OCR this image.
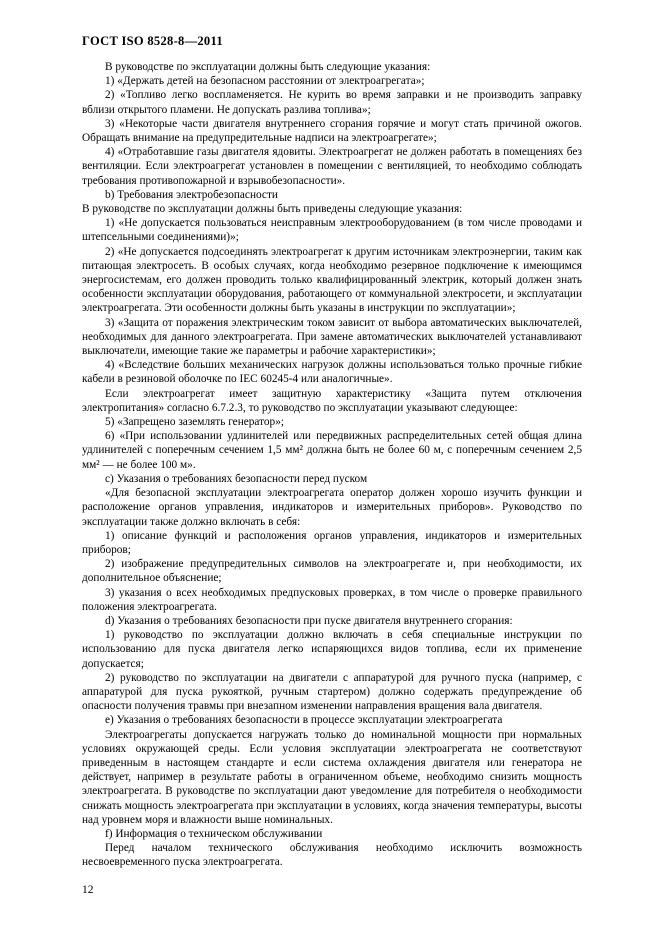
ГОСТ ISO 8528-8—2011

В руководстве по эксплуатации должны быть следующие указания:

1) «Держать детей на безопасном расстоянии от электроагрегата»;

2) «Топливо легко воспламеняется. Не курить во время заправки и не производить заправку вблизи открытого пламени. Не допускать разлива топлива»;

3) «Некоторые части двигателя внутреннего сгорания горячие и могут стать причиной ожогов. Обращать внимание на предупредительные надписи на электроагрегате»;

4) «Отработавшие газы двигателя ядовиты. Электроагрегат не должен работать в помещениях без вентиляции. Если электроагрегат установлен в помещении с вентиляцией, то необходимо соблюдать требования противопожарной и взрывобезопасности».

b) Требования электробезопасности

В руководстве по эксплуатации должны быть приведены следующие указания:

1) «Не допускается пользоваться неисправным электрооборудованием (в том числе проводами и штепсельными соединениями)»;

2) «Не допускается подсоединять электроагрегат к другим источникам электроэнергии, таким как питающая электросеть. В особых случаях, когда необходимо резервное подключение к имеющимся энергосистемам, его должен проводить только квалифицированный электрик, который должен знать особенности эксплуатации оборудования, работающего от коммунальной электросети, и эксплуатации электроагрегата. Эти особенности должны быть указаны в инструкции по эксплуатации»;

3) «Защита от поражения электрическим током зависит от выбора автоматических выключателей, необходимых для данного электроагрегата. При замене автоматических выключателей устанавливают выключатели, имеющие такие же параметры и рабочие характеристики»;

4) «Вследствие больших механических нагрузок должны использоваться только прочные гибкие кабели в резиновой оболочке по IEC 60245-4 или аналогичные».

Если электроагрегат имеет защитную характеристику «Защита путем отключения электропитания» согласно 6.7.2.3, то руководство по эксплуатации указывают следующее:

5) «Запрещено заземлять генератор»;

6) «При использовании удлинителей или передвижных распределительных сетей общая длина удлинителей с поперечным сечением 1,5 мм² должна быть не более 60 м, с поперечным сечением 2,5 мм² — не более 100 м».

с) Указания о требованиях безопасности перед пуском

«Для безопасной эксплуатации электроагрегата оператор должен хорошо изучить функции и расположение органов управления, индикаторов и измерительных приборов». Руководство по эксплуатации также должно включать в себя:

1) описание функций и расположения органов управления, индикаторов и измерительных приборов;

2) изображение предупредительных символов на электроагрегате и, при необходимости, их дополнительное объяснение;

3) указания о всех необходимых предпусковых проверках, в том числе о проверке правильного положения электроагрегата.

d) Указания о требованиях безопасности при пуске двигателя внутреннего сгорания:

1) руководство по эксплуатации должно включать в себя специальные инструкции по использованию для пуска двигателя легко испаряющихся видов топлива, если их применение допускается;

2) руководство по эксплуатации на двигатели с аппаратурой для ручного пуска (например, с аппаратурой для пуска рукояткой, ручным стартером) должно содержать предупреждение об опасности получения травмы при внезапном изменении направления вращения вала двигателя.

e) Указания о требованиях безопасности в процессе эксплуатации электроагрегата

Электроагрегаты допускается нагружать только до номинальной мощности при нормальных условиях окружающей среды. Если условия эксплуатации электроагрегата не соответствуют приведенным в настоящем стандарте и если система охлаждения двигателя или генератора не действует, например в результате работы в ограниченном объеме, необходимо снизить мощность электроагрегата. В руководстве по эксплуатации дают уведомление для потребителя о необходимости снижать мощность электроагрегата при эксплуатации в условиях, когда значения температуры, высоты над уровнем моря и влажности выше номинальных.

f) Информация о техническом обслуживании

Перед началом технического обслуживания необходимо исключить возможность несвоевременного пуска электроагрегата.

12
